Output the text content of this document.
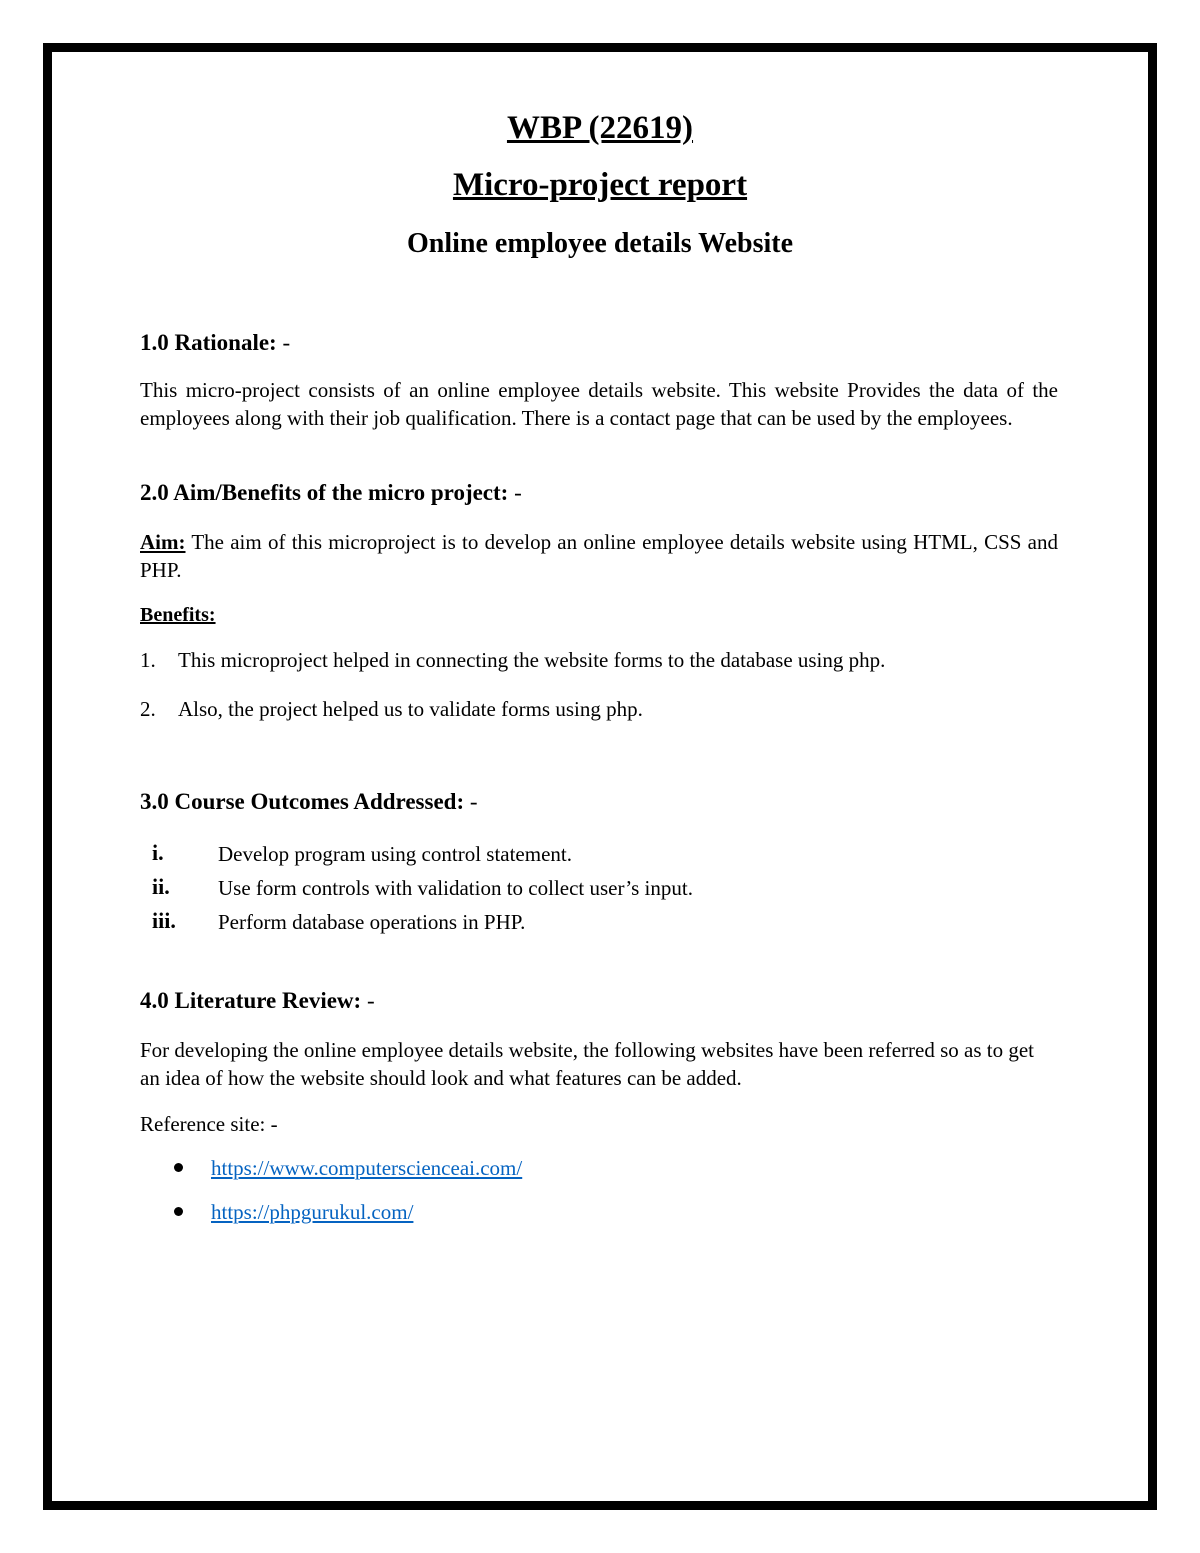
WBP (22619)
Micro-project report
Online employee details Website
1.0 Rationale: -
This micro-project consists of an online employee details website. This website Provides the data of the employees along with their job qualification. There is a contact page that can be used by the employees.
2.0 Aim/Benefits of the micro project: -
Aim: The aim of this microproject is to develop an online employee details website using HTML, CSS and PHP.
Benefits:
1. This microproject helped in connecting the website forms to the database using php.
2. Also, the project helped us to validate forms using php.
3.0 Course Outcomes Addressed: -
i.	Develop program using control statement.
ii. Use form controls with validation to collect user’s input.
iii. Perform database operations in PHP.
4.0 Literature Review: -
For developing the online employee details website, the following websites have been referred so as to get an idea of how the website should look and what features can be added.
Reference site: -
https://www.computerscienceai.com/
https://phpgurukul.com/
